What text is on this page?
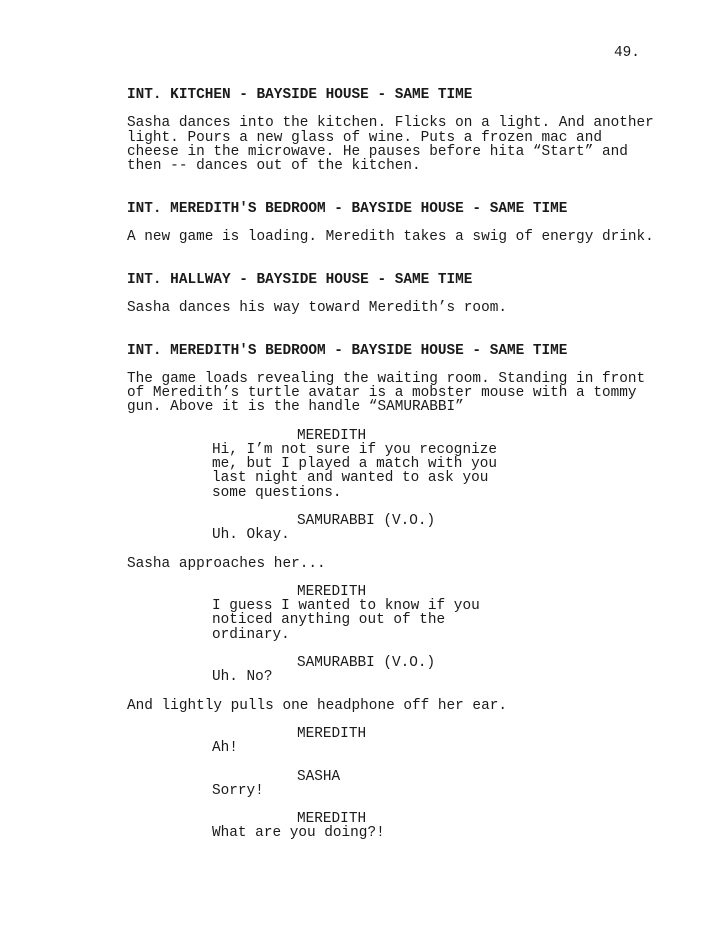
49.
INT. KITCHEN - BAYSIDE HOUSE - SAME TIME
Sasha dances into the kitchen. Flicks on a light. And another
light. Pours a new glass of wine. Puts a frozen mac and
cheese in the microwave. He pauses before hita “Start” and
then -- dances out of the kitchen.
INT. MEREDITH'S BEDROOM - BAYSIDE HOUSE - SAME TIME
A new game is loading. Meredith takes a swig of energy drink.
INT. HALLWAY - BAYSIDE HOUSE - SAME TIME
Sasha dances his way toward Meredith’s room.
INT. MEREDITH'S BEDROOM - BAYSIDE HOUSE - SAME TIME
The game loads revealing the waiting room. Standing in front
of Meredith’s turtle avatar is a mobster mouse with a tommy
gun. Above it is the handle “SAMURABBI”
MEREDITH
Hi, I’m not sure if you recognize
me, but I played a match with you
last night and wanted to ask you
some questions.
SAMURABBI (V.O.)
Uh. Okay.
Sasha approaches her...
MEREDITH
I guess I wanted to know if you
noticed anything out of the
ordinary.
SAMURABBI (V.O.)
Uh. No?
And lightly pulls one headphone off her ear.
MEREDITH
Ah!
SASHA
Sorry!
MEREDITH
What are you doing?!
